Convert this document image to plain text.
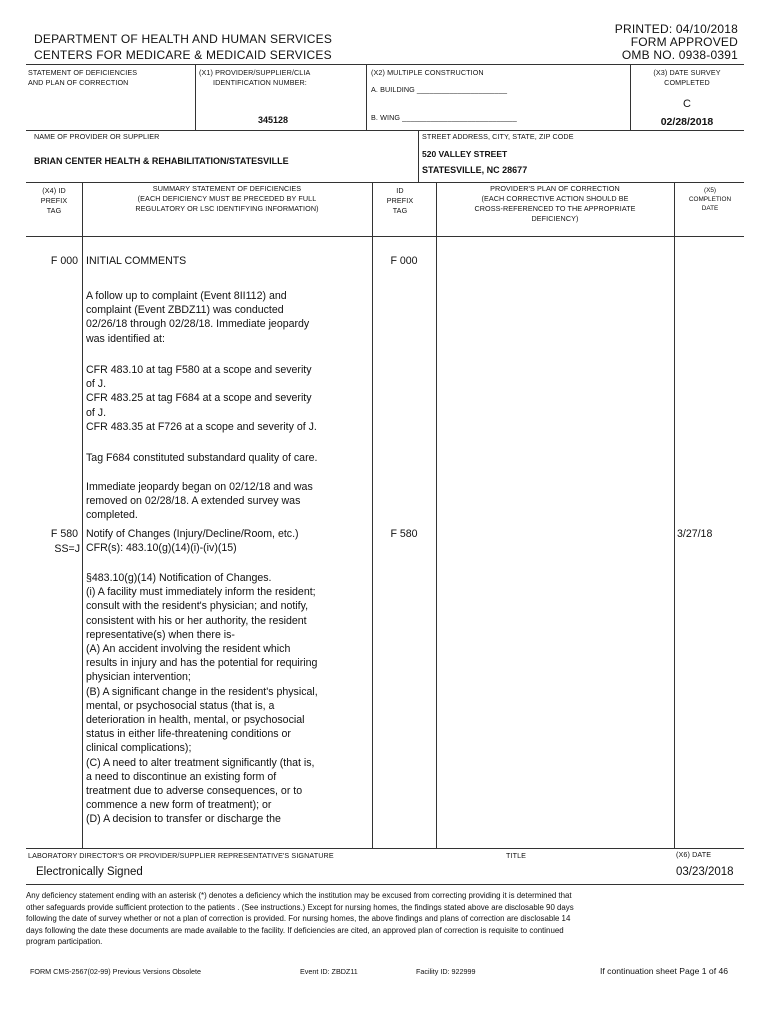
DEPARTMENT OF HEALTH AND HUMAN SERVICES
CENTERS FOR MEDICARE & MEDICAID SERVICES
PRINTED: 04/10/2018
FORM APPROVED
OMB NO. 0938-0391
STATEMENT OF DEFICIENCIES
AND PLAN OF CORRECTION
(X1) PROVIDER/SUPPLIER/CLIA
IDENTIFICATION NUMBER:
345128
(X2) MULTIPLE CONSTRUCTION
A. BUILDING ______________________
B. WING ____________________________
(X3) DATE SURVEY
COMPLETED
C
02/28/2018
NAME OF PROVIDER OR SUPPLIER
BRIAN CENTER HEALTH & REHABILITATION/STATESVILLE
STREET ADDRESS, CITY, STATE, ZIP CODE
520 VALLEY STREET
STATESVILLE, NC 28677
(X4) ID
PREFIX
TAG
SUMMARY STATEMENT OF DEFICIENCIES
(EACH DEFICIENCY MUST BE PRECEDED BY FULL
REGULATORY OR LSC IDENTIFYING INFORMATION)
ID
PREFIX
TAG
PROVIDER'S PLAN OF CORRECTION
(EACH CORRECTIVE ACTION SHOULD BE
CROSS-REFERENCED TO THE APPROPRIATE
DEFICIENCY)
(X5)
COMPLETION
DATE
F 000 INITIAL COMMENTS	F 000
A follow up to complaint (Event 8II112) and
complaint (Event ZBDZ11) was conducted
02/26/18 through 02/28/18. Immediate jeopardy
was identified at:
CFR 483.10 at tag F580 at a scope and severity
of J.
CFR 483.25 at tag F684 at a scope and severity
of J.
CFR 483.35 at F726 at a scope and severity of J.
Tag F684 constituted substandard quality of care.
Immediate jeopardy began on 02/12/18 and was
removed on 02/28/18. A extended survey was
completed.
F 580
SS=J
F 580	3/27/18
Notify of Changes (Injury/Decline/Room, etc.)
CFR(s): 483.10(g)(14)(i)-(iv)(15)
§483.10(g)(14) Notification of Changes.
(i) A facility must immediately inform the resident;
consult with the resident's physician; and notify,
consistent with his or her authority, the resident
representative(s) when there is-
(A) An accident involving the resident which
results in injury and has the potential for requiring
physician intervention;
(B) A significant change in the resident's physical,
mental, or psychosocial status (that is, a
deterioration in health, mental, or psychosocial
status in either life-threatening conditions or
clinical complications);
(C) A need to alter treatment significantly (that is,
a need to discontinue an existing form of
treatment due to adverse consequences, or to
commence a new form of treatment); or
(D) A decision to transfer or discharge the
LABORATORY DIRECTOR'S OR PROVIDER/SUPPLIER REPRESENTATIVE'S SIGNATURE	TITLE	(X6) DATE
Electronically Signed	03/23/2018
Any deficiency statement ending with an asterisk (*) denotes a deficiency which the institution may be excused from correcting providing it is determined that
other safeguards provide sufficient protection to the patients . (See instructions.) Except for nursing homes, the findings stated above are disclosable 90 days
following the date of survey whether or not a plan of correction is provided. For nursing homes, the above findings and plans of correction are disclosable 14
days following the date these documents are made available to the facility. If deficiencies are cited, an approved plan of correction is requisite to continued
program participation.
FORM CMS-2567(02-99) Previous Versions Obsolete	Event ID: ZBDZ11	Facility ID: 922999	If continuation sheet Page 1 of 46
